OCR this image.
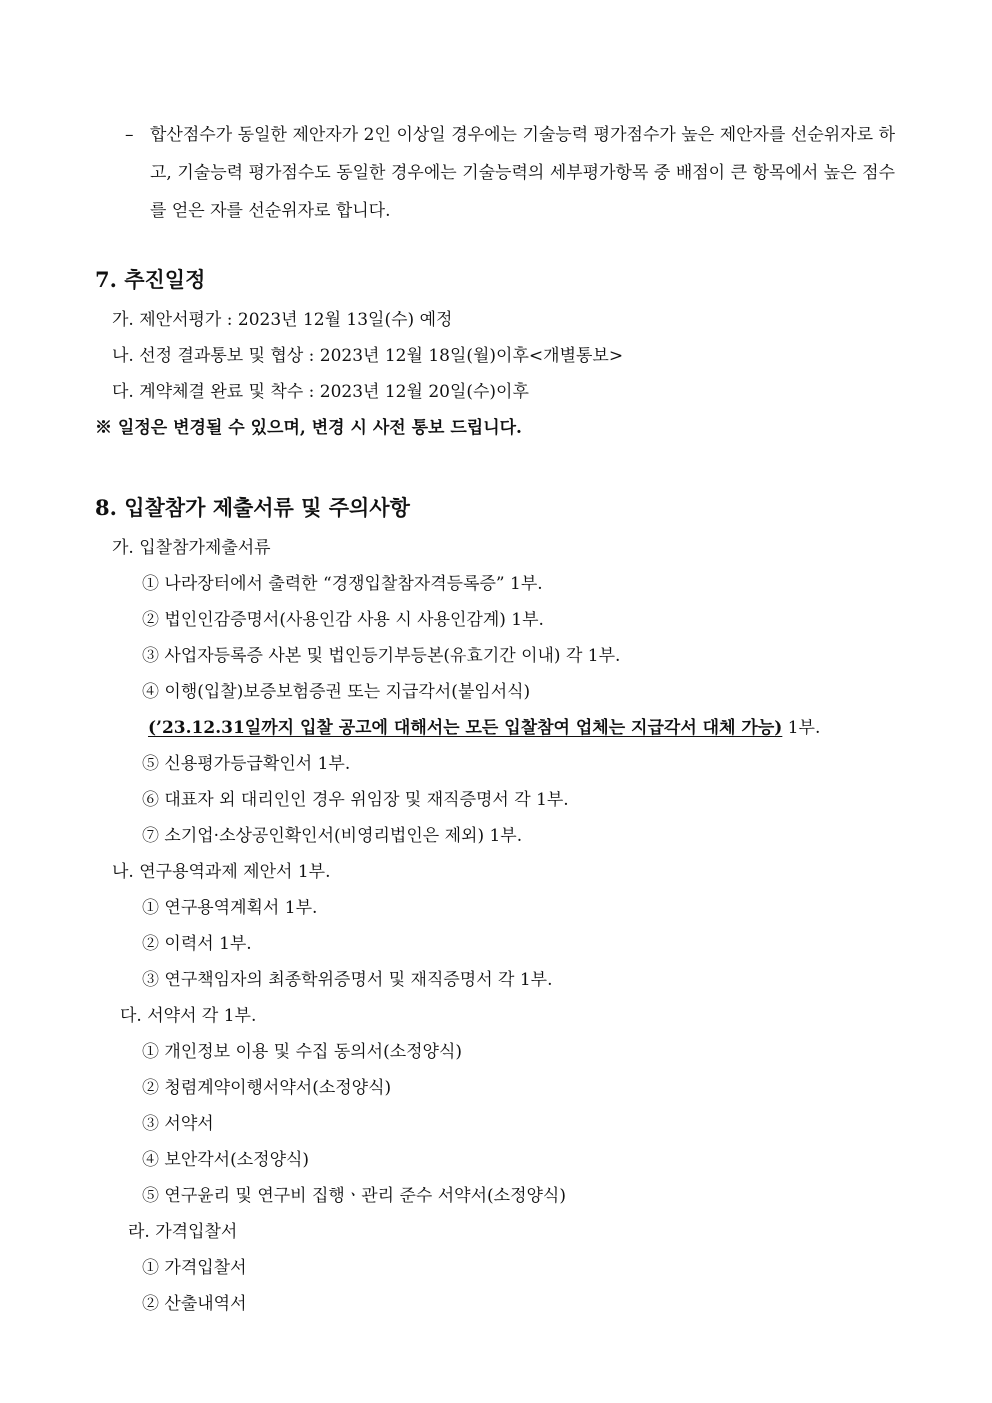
– 합산점수가 동일한 제안자가 2인 이상일 경우에는 기술능력 평가점수가 높은 제안자를 선순위자로 하고, 기술능력 평가점수도 동일한 경우에는 기술능력의 세부평가항목 중 배점이 큰 항목에서 높은 점수를 얻은 자를 선순위자로 합니다.
7. 추진일정
가. 제안서평가 : 2023년 12월 13일(수) 예정
나. 선정 결과통보 및 협상 : 2023년 12월 18일(월)이후<개별통보>
다. 계약체결 완료 및 착수 : 2023년 12월 20일(수)이후
※ 일정은 변경될 수 있으며, 변경 시 사전 통보 드립니다.
8. 입찰참가 제출서류 및 주의사항
가. 입찰참가제출서류
① 나라장터에서 출력한 “경쟁입찰참자격등록증” 1부.
② 법인인감증명서(사용인감 사용 시 사용인감계) 1부.
③ 사업자등록증 사본 및 법인등기부등본(유효기간 이내) 각 1부.
④ 이행(입찰)보증보험증권 또는 지급각서(붙임서식)
(’23.12.31일까지 입찰 공고에 대해서는 모든 입찰참여 업체는 지급각서 대체 가능) 1부.
⑤ 신용평가등급확인서 1부.
⑥ 대표자 외 대리인인 경우 위임장 및 재직증명서 각 1부.
⑦ 소기업·소상공인확인서(비영리법인은 제외) 1부.
나. 연구용역과제 제안서 1부.
① 연구용역계획서 1부.
② 이력서 1부.
③ 연구책임자의 최종학위증명서 및 재직증명서 각 1부.
다. 서약서 각 1부.
① 개인정보 이용 및 수집 동의서(소정양식)
② 청렴계약이행서약서(소정양식)
③ 서약서
④ 보안각서(소정양식)
⑤ 연구윤리 및 연구비 집행ㆍ관리 준수 서약서(소정양식)
라. 가격입찰서
① 가격입찰서
② 산출내역서
